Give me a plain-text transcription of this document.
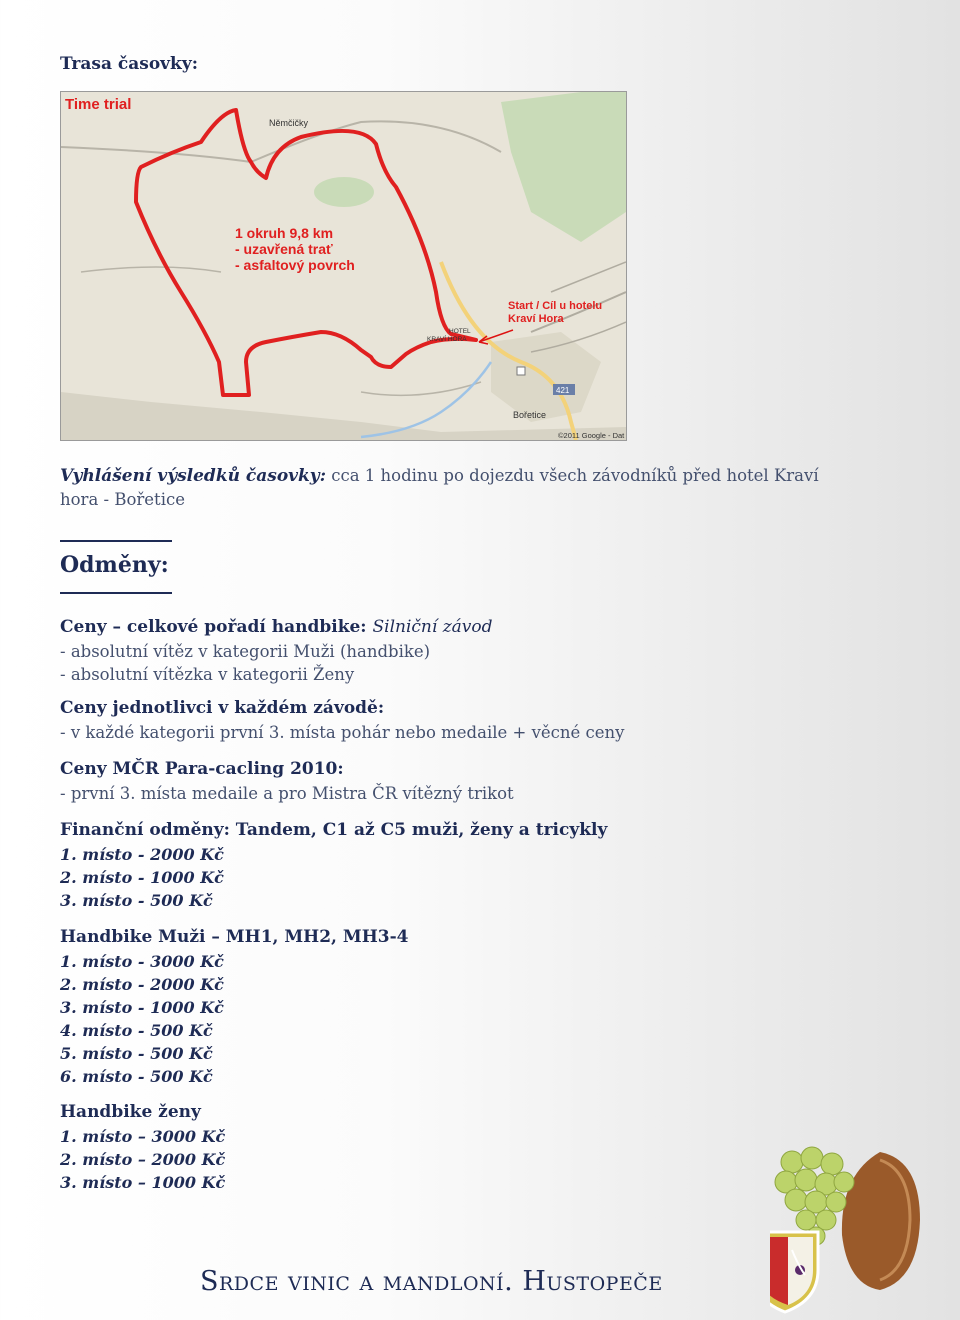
Trasa časovky:
Time trial
Němčičky
1 okruh 9,8 km
- uzavřená trať
- asfaltový povrch
Start / Cíl u hotelu
Kraví Hora
HOTEL
KRAVÍ HORA
421
Bořetice
©2011 Google - Dat
Vyhlášení výsledků časovky: cca 1 hodinu po dojezdu všech závodníků před hotel Kraví hora - Bořetice
Odměny:
Ceny – celkové pořadí handbike: Silniční závod
- absolutní vítěz v kategorii Muži (handbike)
- absolutní vítězka v kategorii Ženy
Ceny jednotlivci v každém závodě:
- v každé kategorii první 3. místa pohár nebo medaile + věcné ceny
Ceny MČR Para-cacling 2010:
- první 3. místa medaile a pro Mistra ČR vítězný trikot
Finanční odměny: Tandem, C1 až C5 muži, ženy a tricykly
1. místo - 2000 Kč
2. místo - 1000 Kč
3. místo - 500 Kč
Handbike Muži – MH1, MH2, MH3-4
1. místo - 3000 Kč
2. místo - 2000 Kč
3. místo - 1000 Kč
4. místo - 500 Kč
5. místo - 500 Kč
6. místo - 500 Kč
Handbike ženy
1. místo – 3000 Kč
2. místo – 2000 Kč
3. místo – 1000 Kč
Srdce vinic a mandloní. Hustopeče
